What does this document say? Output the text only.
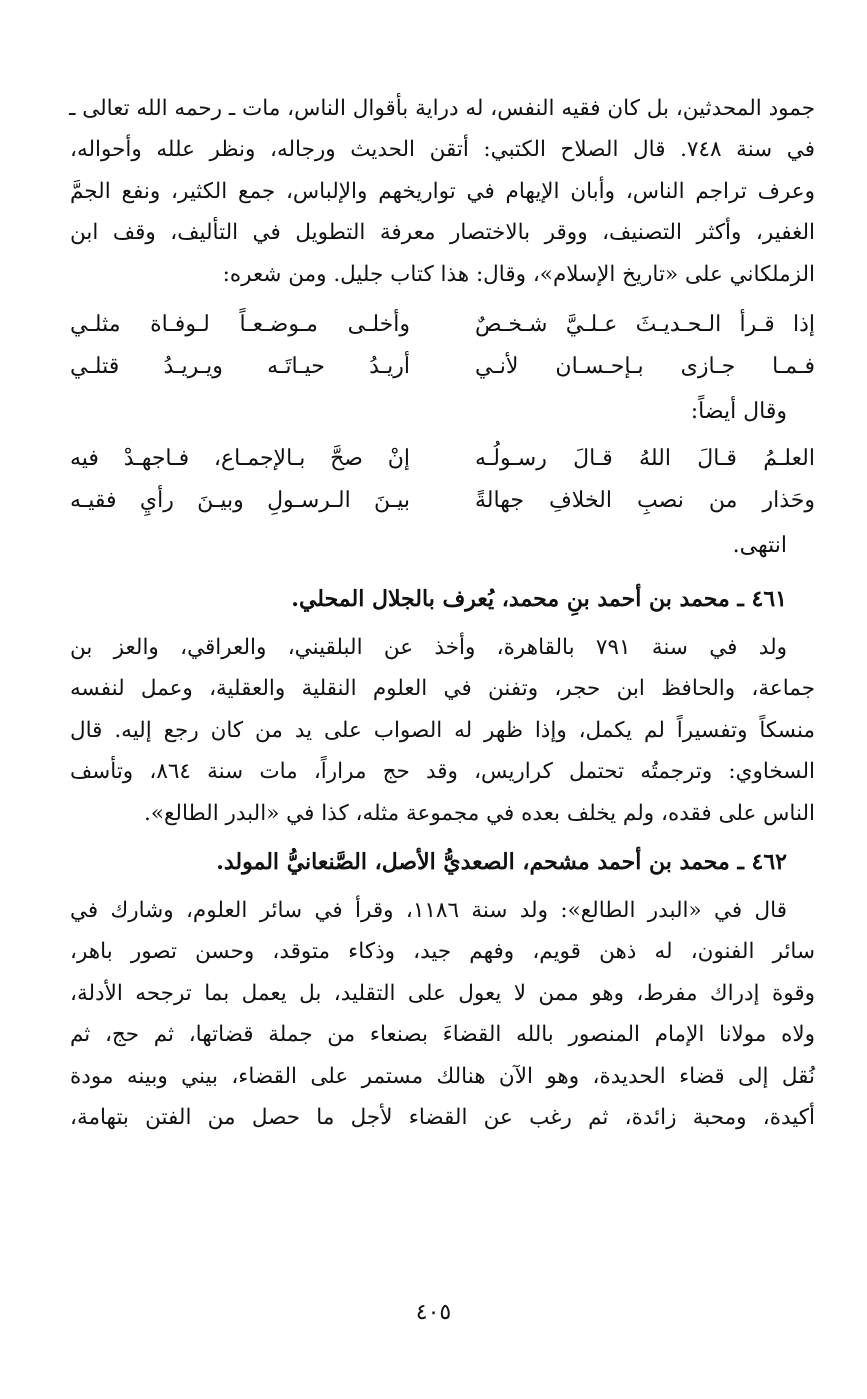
جمود المحدثين، بل كان فقيه النفس، له دراية بأقوال الناس، مات ـ رحمه الله تعالى ـ
في سنة ٧٤٨. قال الصلاح الكتبي: أتقن الحديث ورجاله، ونظر علله وأحواله،
وعرف تراجم الناس، وأبان الإيهام في تواريخهم والإلباس، جمع الكثير، ونفع الجمَّ
الغفير، وأكثر التصنيف، ووقر بالاختصار معرفة التطويل في التأليف، وقف ابن
الزملكاني على «تاريخ الإسلام»، وقال: هذا كتاب جليل. ومن شعره:
إذا قـرأ الـحـديـثَ عـلـيَّ شـخـصٌ
وأخلـى مـوضـعـاً لـوفـاة مثلـي
فـمـا جـازى بـإحـسـان لأنـي
أريـدُ حيـاتَـه ويـريـدُ قتلـي
وقال أيضاً:
العلـمُ قـالَ اللهُ قـالَ رسـولُـه
إنْ صحَّ بـالإجمـاع، فـاجهـدْ فيه
وحَذار من نصبِ الخلافِ جهالةً
بيـنَ الـرسـولِ وبيـنَ رأيِ فقيـه
انتهى.
٤٦١ ـ محمد بن أحمد بنِ محمد، يُعرف بالجلال المحلي.
ولد في سنة ٧٩١ بالقاهرة، وأخذ عن البلقيني، والعراقي، والعز بن
جماعة، والحافظ ابن حجر، وتفنن في العلوم النقلية والعقلية، وعمل لنفسه
منسكاً وتفسيراً لم يكمل، وإذا ظهر له الصواب على يد من كان رجع إليه. قال
السخاوي: وترجمتُه تحتمل كراريس، وقد حج مراراً، مات سنة ٨٦٤، وتأسف
الناس على فقده، ولم يخلف بعده في مجموعة مثله، كذا في «البدر الطالع».
٤٦٢ ـ محمد بن أحمد مشحم، الصعديُّ الأصل، الصَّنعانيُّ المولد.
قال في «البدر الطالع»: ولد سنة ١١٨٦، وقرأ في سائر العلوم، وشارك في
سائر الفنون، له ذهن قويم، وفهم جيد، وذكاء متوقد، وحسن تصور باهر،
وقوة إدراك مفرط، وهو ممن لا يعول على التقليد، بل يعمل بما ترجحه الأدلة،
ولاه مولانا الإمام المنصور بالله القضاءَ بصنعاء من جملة قضاتها، ثم حج، ثم
نُقل إلى قضاء الحديدة، وهو الآن هنالك مستمر على القضاء، بيني وبينه مودة
أكيدة، ومحبة زائدة، ثم رغب عن القضاء لأجل ما حصل من الفتن بتهامة،
٤٠٥
